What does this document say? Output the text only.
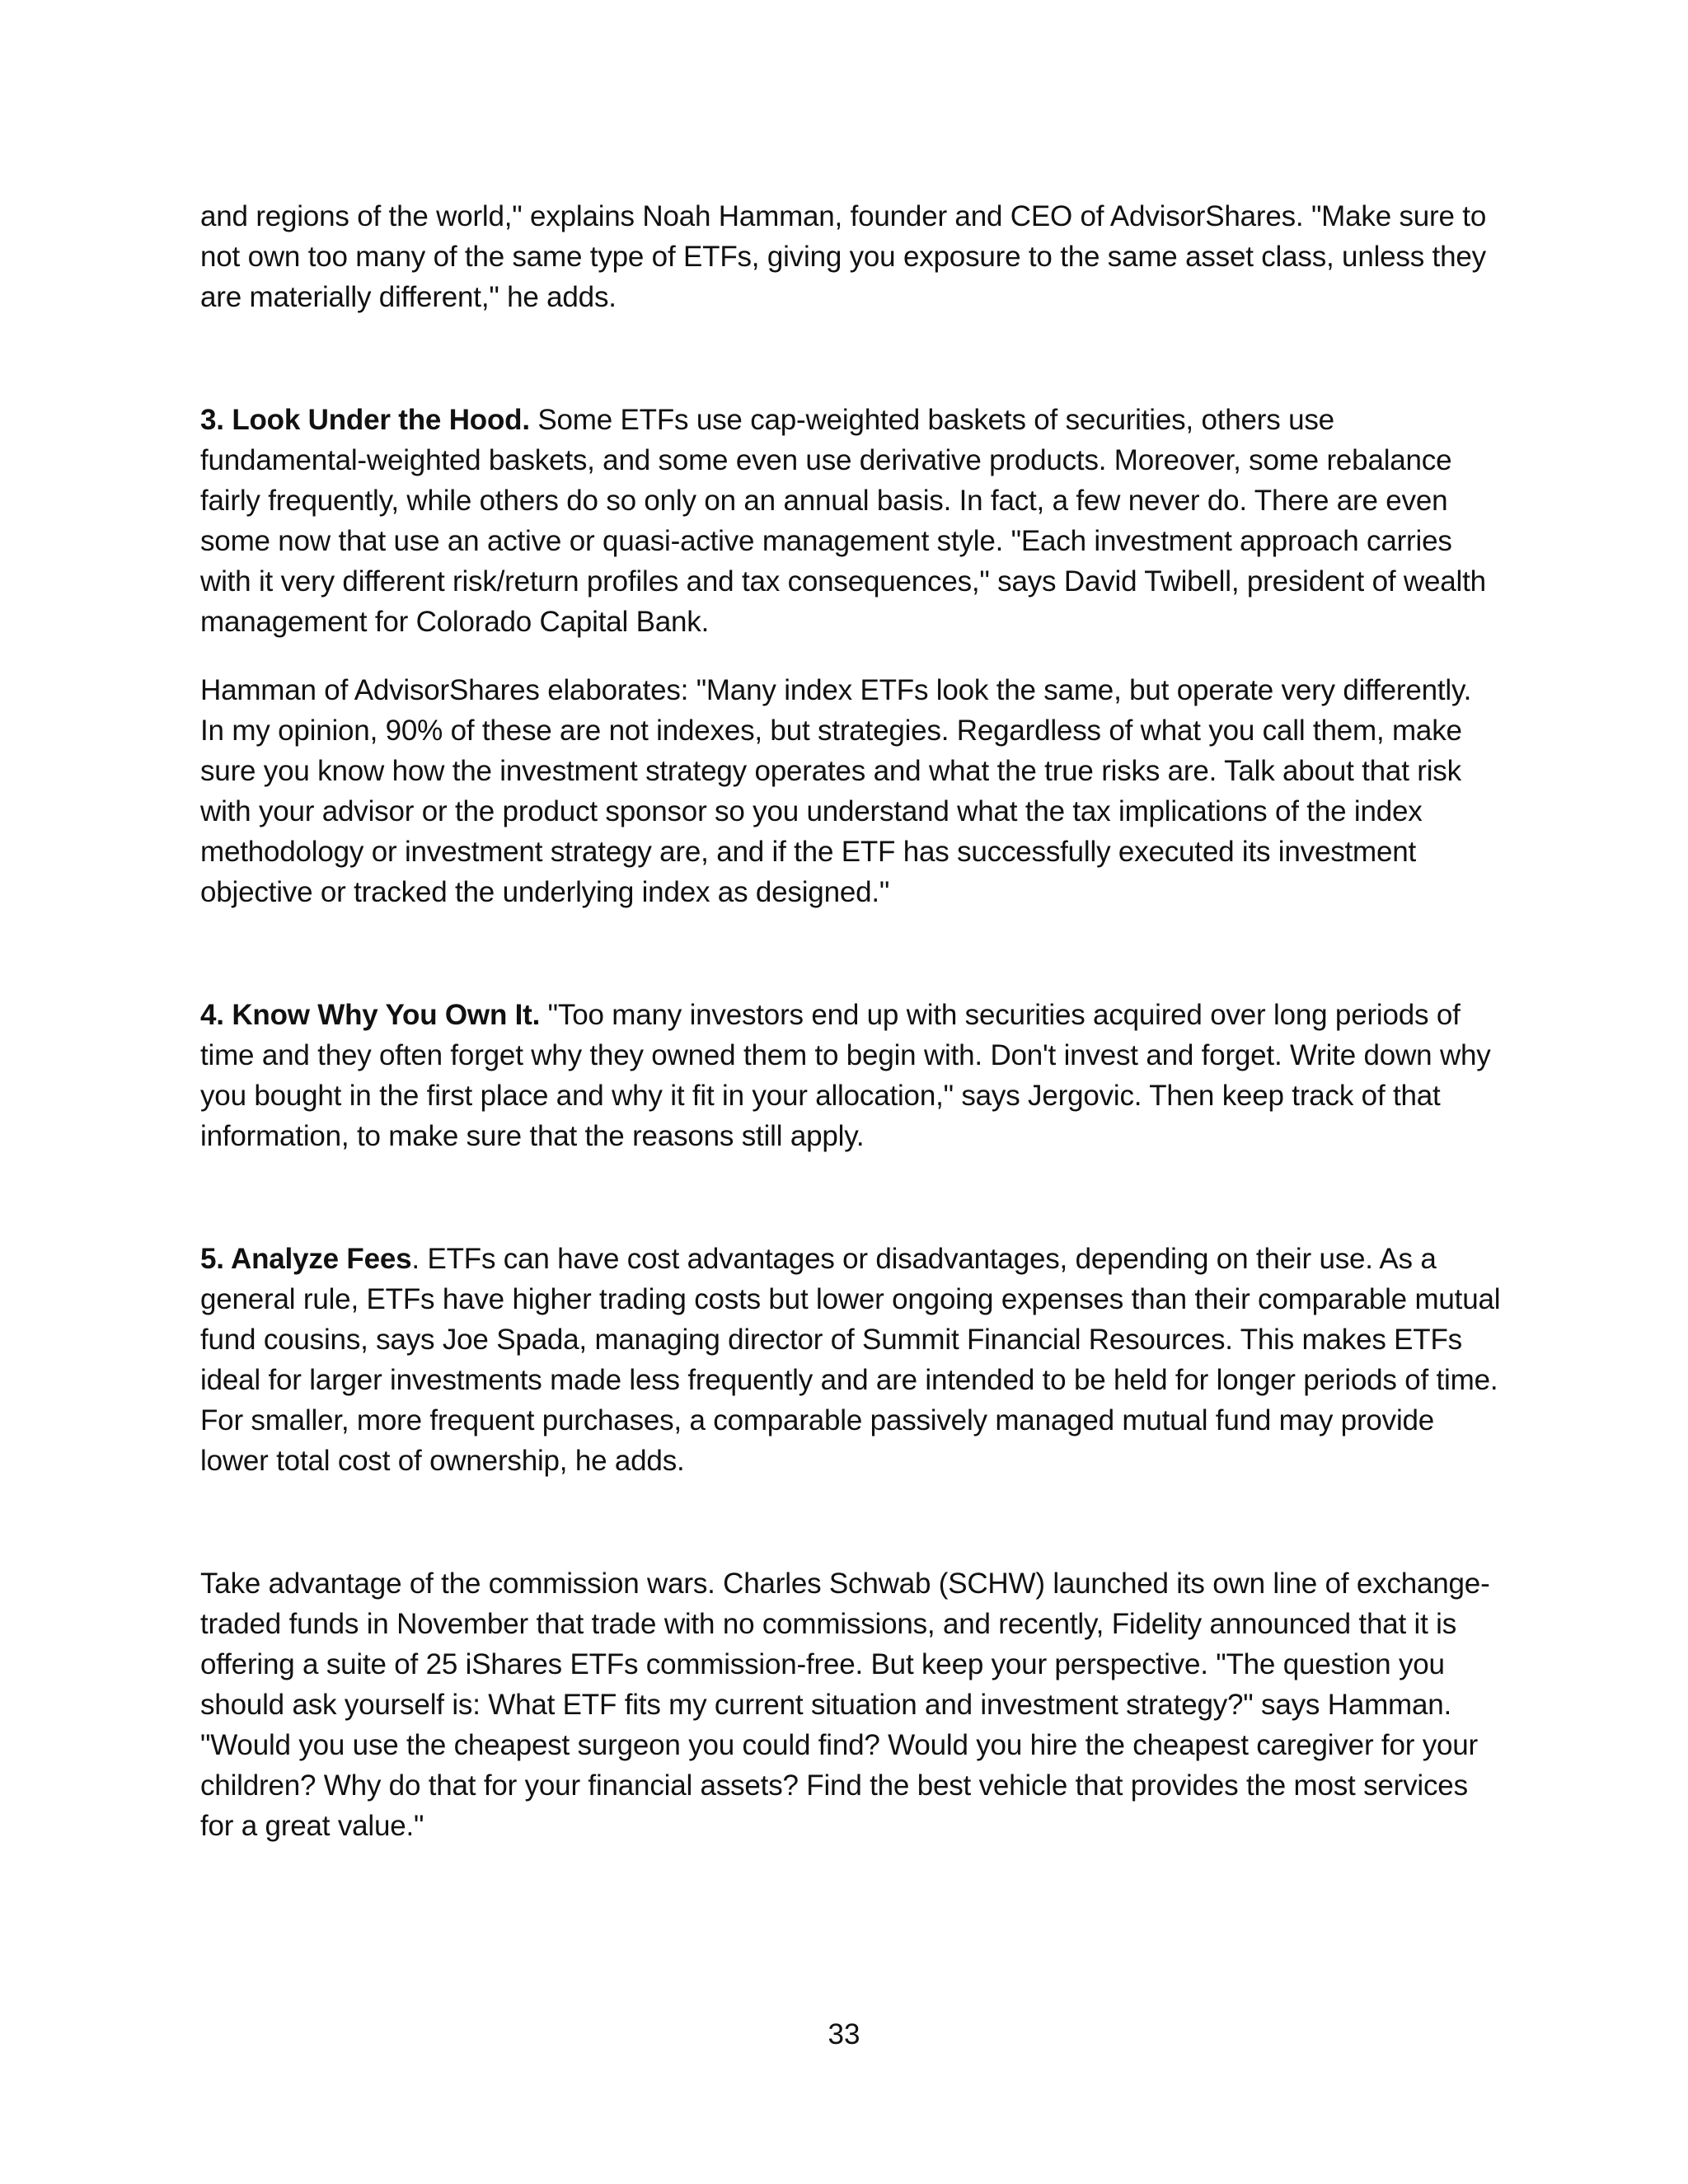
and regions of the world," explains Noah Hamman, founder and CEO of AdvisorShares. "Make sure to not own too many of the same type of ETFs, giving you exposure to the same asset class, unless they are materially different," he adds.

3. Look Under the Hood. Some ETFs use cap-weighted baskets of securities, others use fundamental-weighted baskets, and some even use derivative products. Moreover, some rebalance fairly frequently, while others do so only on an annual basis. In fact, a few never do. There are even some now that use an active or quasi-active management style. "Each investment approach carries with it very different risk/return profiles and tax consequences," says David Twibell, president of wealth management for Colorado Capital Bank.

Hamman of AdvisorShares elaborates: "Many index ETFs look the same, but operate very differently. In my opinion, 90% of these are not indexes, but strategies. Regardless of what you call them, make sure you know how the investment strategy operates and what the true risks are. Talk about that risk with your advisor or the product sponsor so you understand what the tax implications of the index methodology or investment strategy are, and if the ETF has successfully executed its investment objective or tracked the underlying index as designed."

4. Know Why You Own It. "Too many investors end up with securities acquired over long periods of time and they often forget why they owned them to begin with. Don't invest and forget. Write down why you bought in the first place and why it fit in your allocation," says Jergovic. Then keep track of that information, to make sure that the reasons still apply.

5. Analyze Fees. ETFs can have cost advantages or disadvantages, depending on their use. As a general rule, ETFs have higher trading costs but lower ongoing expenses than their comparable mutual fund cousins, says Joe Spada, managing director of Summit Financial Resources. This makes ETFs ideal for larger investments made less frequently and are intended to be held for longer periods of time. For smaller, more frequent purchases, a comparable passively managed mutual fund may provide lower total cost of ownership, he adds.

Take advantage of the commission wars. Charles Schwab (SCHW) launched its own line of exchange-traded funds in November that trade with no commissions, and recently, Fidelity announced that it is offering a suite of 25 iShares ETFs commission-free. But keep your perspective. "The question you should ask yourself is: What ETF fits my current situation and investment strategy?" says Hamman. "Would you use the cheapest surgeon you could find? Would you hire the cheapest caregiver for your children? Why do that for your financial assets? Find the best vehicle that provides the most services for a great value."

33
